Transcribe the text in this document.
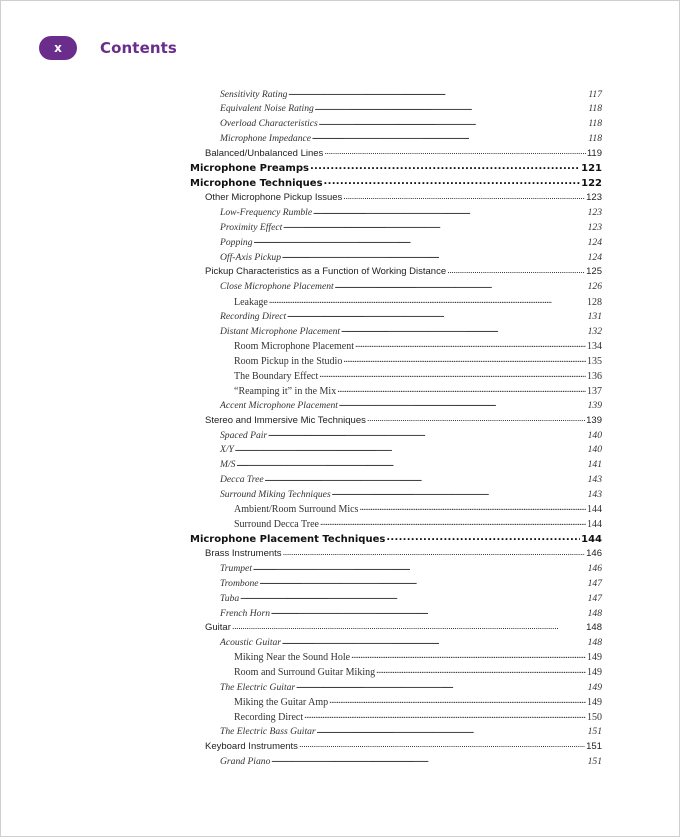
x	Contents
Sensitivity Rating . . .	117
Equivalent Noise Rating . . .	118
Overload Characteristics . . .	118
Microphone Impedance . . .	118
Balanced/Unbalanced Lines . . .	119
Microphone Preamps . . .	121
Microphone Techniques . . .	122
Other Microphone Pickup Issues . . .	123
Low-Frequency Rumble . . .	123
Proximity Effect . . .	123
Popping . . .	124
Off-Axis Pickup . . .	124
Pickup Characteristics as a Function of Working Distance . . .	125
Close Microphone Placement . . .	126
Leakage . . .	128
Recording Direct . . .	131
Distant Microphone Placement . . .	132
Room Microphone Placement . . .	134
Room Pickup in the Studio . . .	135
The Boundary Effect . . .	136
“Reamping it” in the Mix . . .	137
Accent Microphone Placement . . .	139
Stereo and Immersive Mic Techniques . . .	139
Spaced Pair . . .	140
X/Y . . .	140
M/S . . .	141
Decca Tree . . .	143
Surround Miking Techniques . . .	143
Ambient/Room Surround Mics . . .	144
Surround Decca Tree . . .	144
Microphone Placement Techniques . . .	144
Brass Instruments . . .	146
Trumpet . . .	146
Trombone . . .	147
Tuba . . .	147
French Horn . . .	148
Guitar . . .	148
Acoustic Guitar . . .	148
Miking Near the Sound Hole . . .	149
Room and Surround Guitar Miking . . .	149
The Electric Guitar . . .	149
Miking the Guitar Amp . . .	149
Recording Direct . . .	150
The Electric Bass Guitar . . .	151
Keyboard Instruments . . .	151
Grand Piano . . .	151
